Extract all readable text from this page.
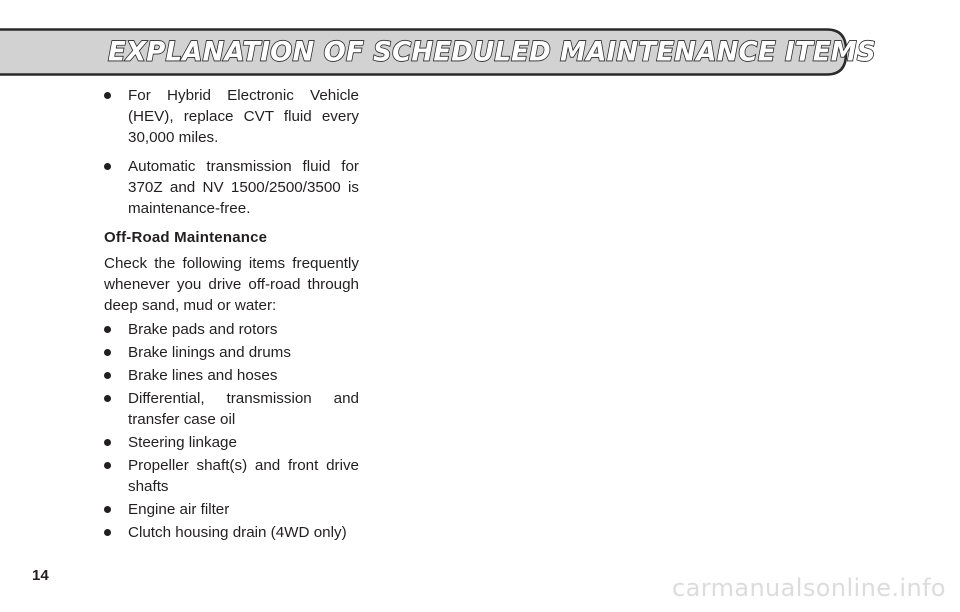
EXPLANATION OF SCHEDULED MAINTENANCE ITEMS
For Hybrid Electronic Vehicle (HEV), replace CVT fluid every 30,000 miles.
Automatic transmission fluid for 370Z and NV 1500/2500/3500 is maintenance-free.
Off-Road Maintenance

Check the following items frequently whenever you drive off-road through deep sand, mud or water:

Brake pads and rotors
Brake linings and drums
Brake lines and hoses
Differential, transmission and transfer case oil
Steering linkage
Propeller shaft(s) and front drive shafts
Engine air filter
Clutch housing drain (4WD only)
14	carmanualsonline.info
